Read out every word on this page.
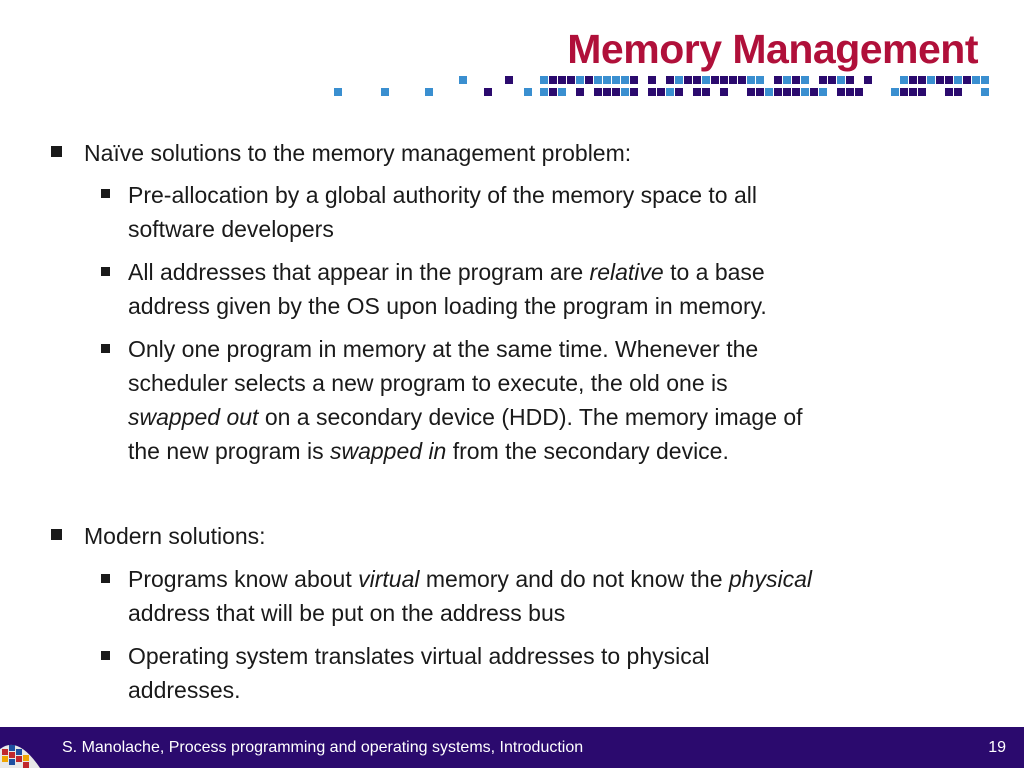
Memory Management
Naïve solutions to the memory management problem:
Pre-allocation by a global authority of the memory space to all
software developers
All addresses that appear in the program are relative to a base
address given by the OS upon loading the program in memory.
Only one program in memory at the same time. Whenever the
scheduler selects a new program to execute, the old one is
swapped out on a secondary device (HDD). The memory image of
the new program is swapped in from the secondary device.
Modern solutions:
Programs know about virtual memory and do not know the physical
address that will be put on the address bus
Operating system translates virtual addresses to physical
addresses.
S. Manolache, Process programming and operating systems, Introduction	19
